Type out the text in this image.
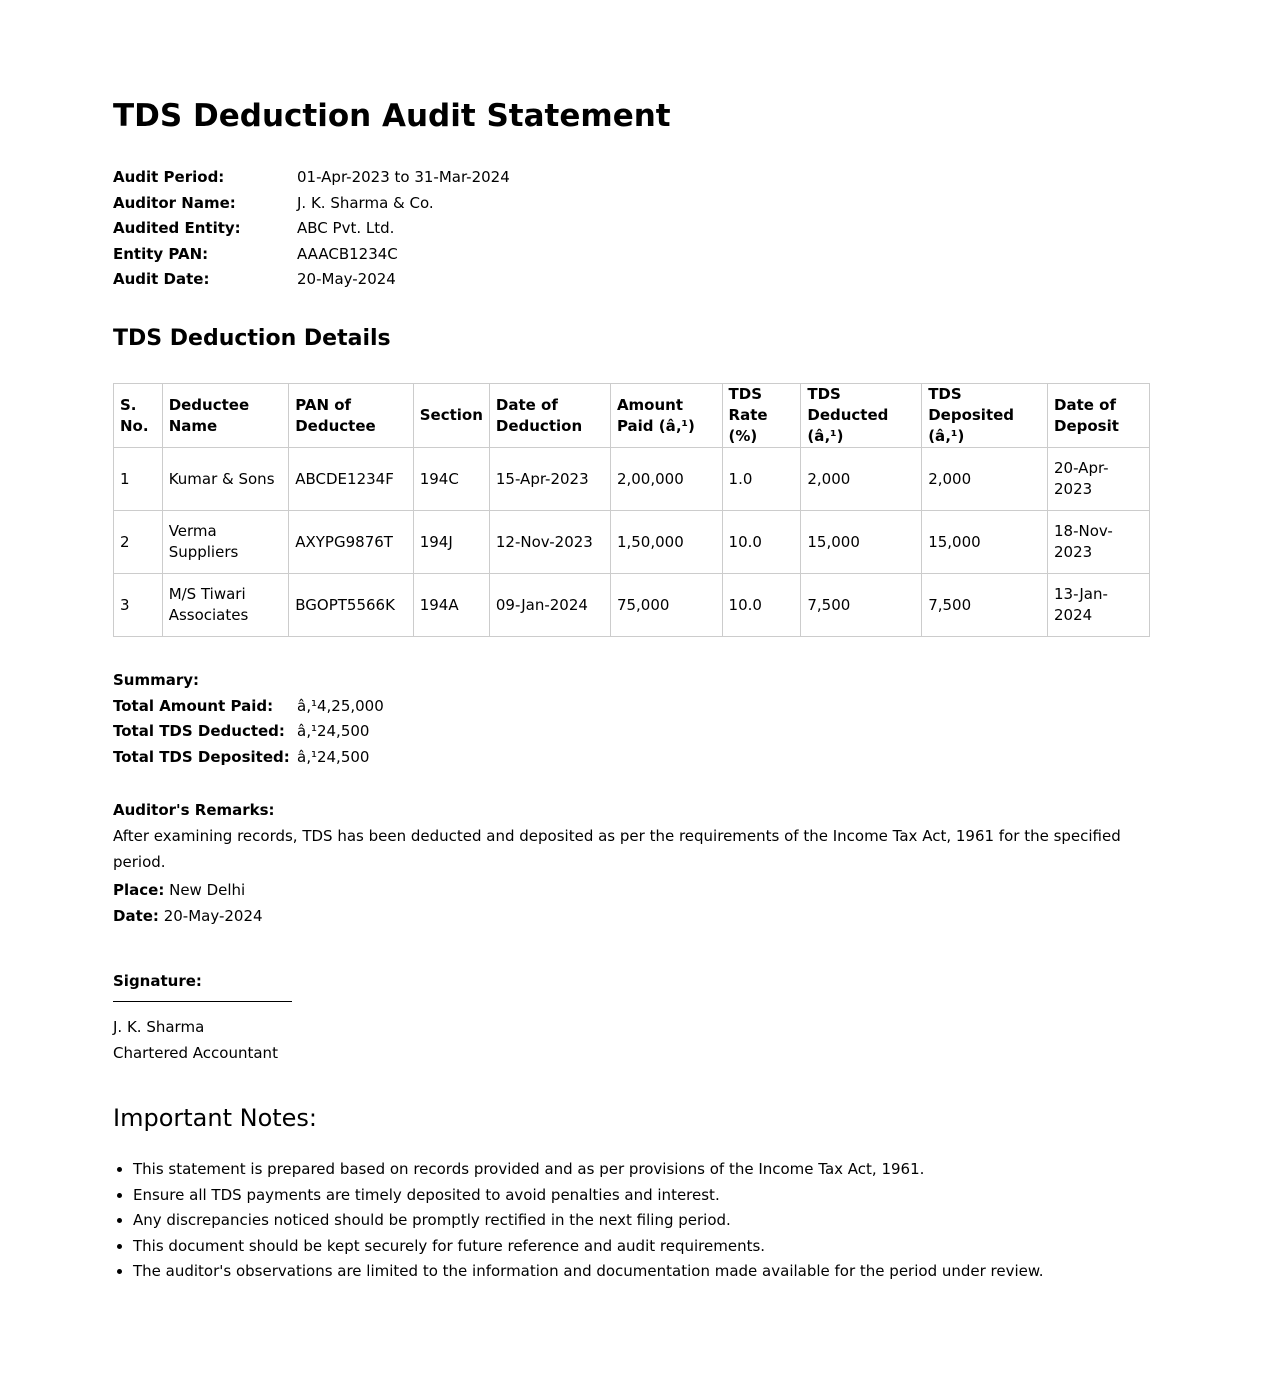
TDS Deduction Audit Statement
Audit Period:	01-Apr-2023 to 31-Mar-2024
Auditor Name:	J. K. Sharma & Co.
Audited Entity:	ABC Pvt. Ltd.
Entity PAN:	AAACB1234C
Audit Date:	20-May-2024
TDS Deduction Details
S. No.	Deductee Name	PAN of Deductee	Section	Date of Deduction	Amount Paid (â‚¹)	TDS Rate (%)	TDS Deducted (â‚¹)	TDS Deposited (â‚¹)	Date of Deposit
1	Kumar & Sons	ABCDE1234F	194C	15-Apr-2023	2,00,000	1.0	2,000	2,000	20-Apr-2023
2	Verma Suppliers	AXYPG9876T	194J	12-Nov-2023	1,50,000	10.0	15,000	15,000	18-Nov-2023
3	M/S Tiwari Associates	BGOPT5566K	194A	09-Jan-2024	75,000	10.0	7,500	7,500	13-Jan-2024
Summary:
Total Amount Paid:	â‚¹4,25,000
Total TDS Deducted: â‚¹24,500
Total TDS Deposited: â‚¹24,500
Auditor's Remarks:
After examining records, TDS has been deducted and deposited as per the requirements of the Income Tax Act, 1961 for the specified period.
Place: New Delhi
Date: 20-May-2024
Signature:
J. K. Sharma
Chartered Accountant
Important Notes:
• This statement is prepared based on records provided and as per provisions of the Income Tax Act, 1961.
• Ensure all TDS payments are timely deposited to avoid penalties and interest.
• Any discrepancies noticed should be promptly rectified in the next filing period.
• This document should be kept securely for future reference and audit requirements.
• The auditor's observations are limited to the information and documentation made available for the period under review.
